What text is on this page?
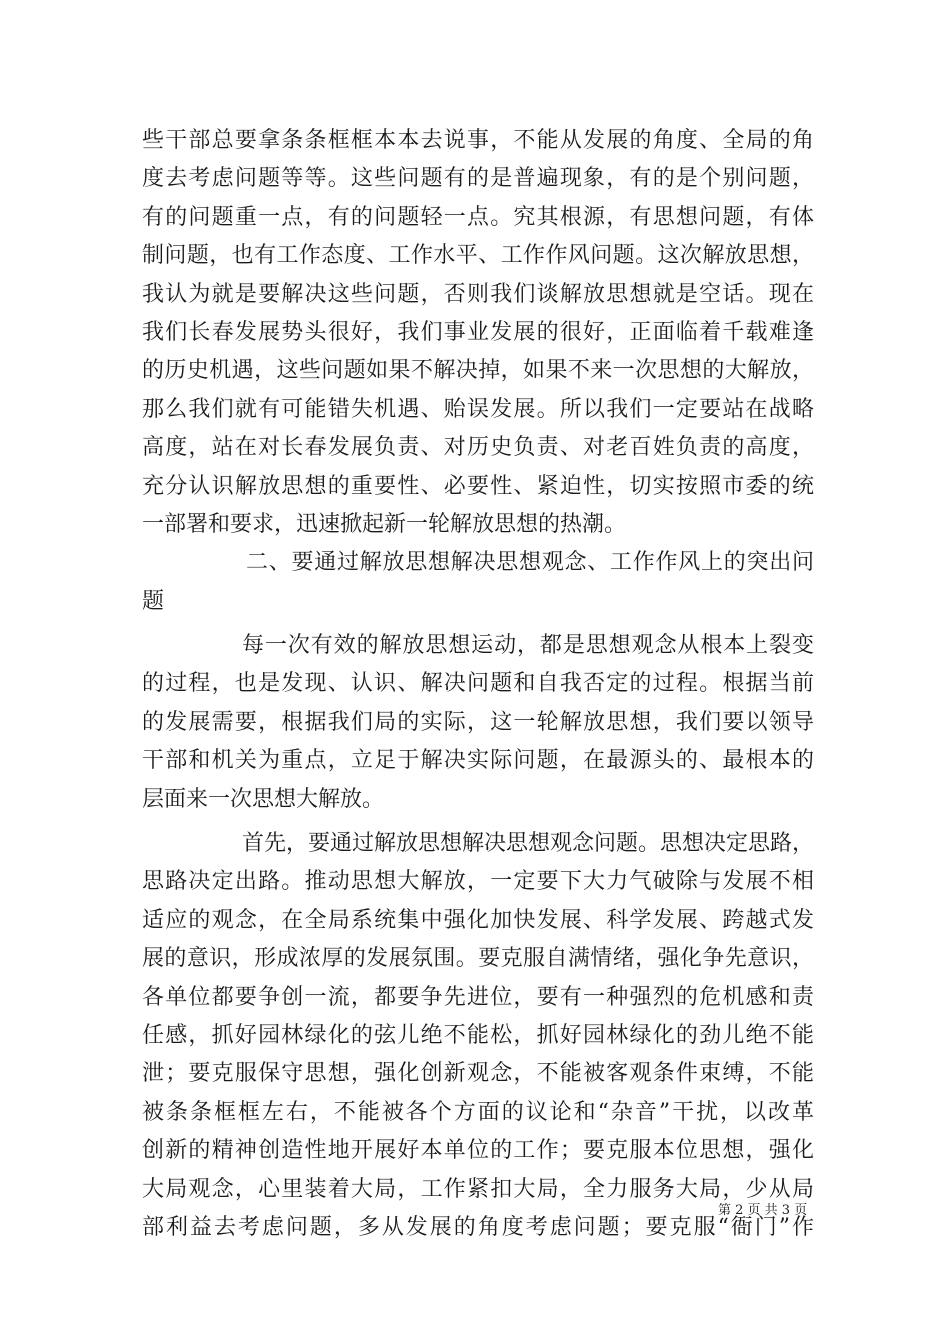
些干部总要拿条条框框本本去说事，不能从发展的角度、全局的角
度去考虑问题等等。这些问题有的是普遍现象，有的是个别问题，
有的问题重一点，有的问题轻一点。究其根源，有思想问题，有体
制问题，也有工作态度、工作水平、工作作风问题。这次解放思想，
我认为就是要解决这些问题，否则我们谈解放思想就是空话。现在
我们长春发展势头很好，我们事业发展的很好，正面临着千载难逢
的历史机遇，这些问题如果不解决掉，如果不来一次思想的大解放，
那么我们就有可能错失机遇、贻误发展。所以我们一定要站在战略
高度，站在对长春发展负责、对历史负责、对老百姓负责的高度，
充分认识解放思想的重要性、必要性、紧迫性，切实按照市委的统
一部署和要求，迅速掀起新一轮解放思想的热潮。
二、要通过解放思想解决思想观念、工作作风上的突出问
题
每一次有效的解放思想运动，都是思想观念从根本上裂变
的过程，也是发现、认识、解决问题和自我否定的过程。根据当前
的发展需要，根据我们局的实际，这一轮解放思想，我们要以领导
干部和机关为重点，立足于解决实际问题，在最源头的、最根本的
层面来一次思想大解放。
首先，要通过解放思想解决思想观念问题。思想决定思路，
思路决定出路。推动思想大解放，一定要下大力气破除与发展不相
适应的观念，在全局系统集中强化加快发展、科学发展、跨越式发
展的意识，形成浓厚的发展氛围。要克服自满情绪，强化争先意识，
各单位都要争创一流，都要争先进位，要有一种强烈的危机感和责
任感，抓好园林绿化的弦儿绝不能松，抓好园林绿化的劲儿绝不能
泄；要克服保守思想，强化创新观念，不能被客观条件束缚，不能
被条条框框左右，不能被各个方面的议论和“杂音”干扰，以改革
创新的精神创造性地开展好本单位的工作；要克服本位思想，强化
大局观念，心里装着大局，工作紧扣大局，全力服务大局，少从局
部利益去考虑问题，多从发展的角度考虑问题；要克服“衙门”作
第 2 页 共 3 页
